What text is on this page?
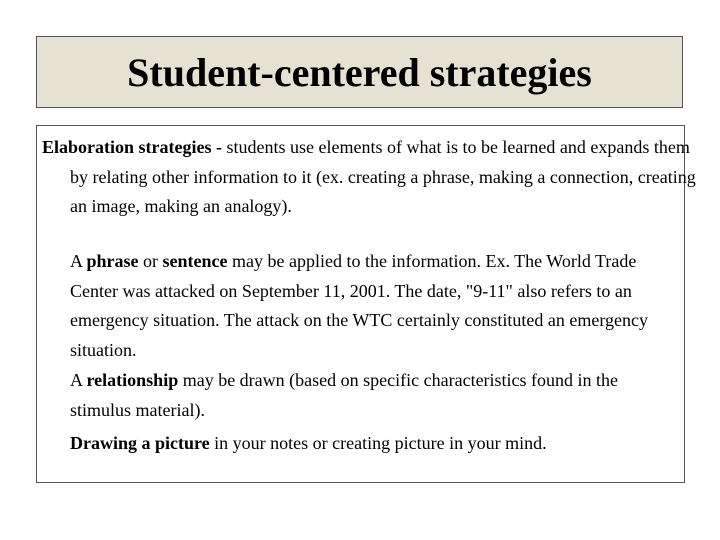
Student-centered strategies
Elaboration strategies - students use elements of what is to be learned and expands them by relating other information to it (ex. creating a phrase, making a connection, creating an image, making an analogy).
A phrase or sentence may be applied to the information. Ex. The World Trade Center was attacked on September 11, 2001. The date, "9-11" also refers to an emergency situation. The attack on the WTC certainly constituted an emergency situation.
A relationship may be drawn (based on specific characteristics found in the stimulus material).
Drawing a picture in your notes or creating picture in your mind.
